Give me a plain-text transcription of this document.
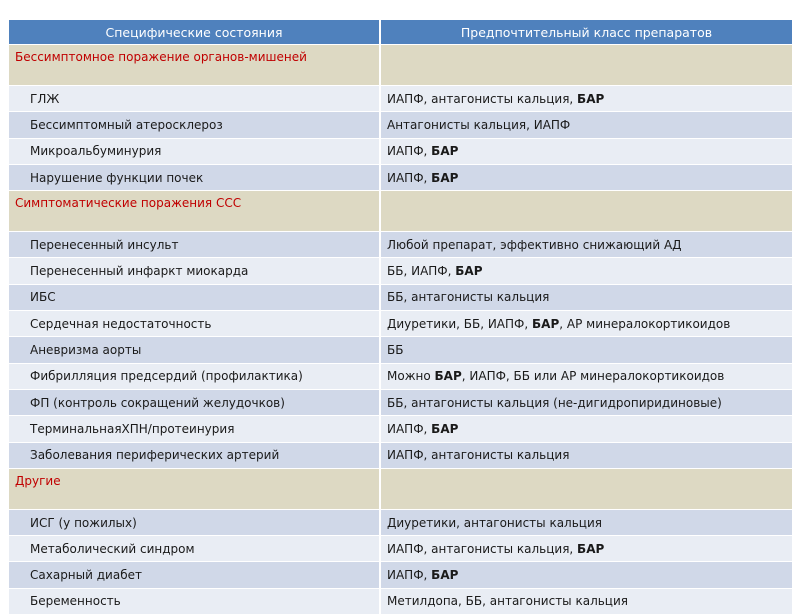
Специфические состояния	Предпочтительный класс препаратов
Бессимптомное поражение органов-мишеней	
ГЛЖ	ИАПФ, антагонисты кальция, БАР
Бессимптомный атеросклероз	Антагонисты кальция, ИАПФ
Микроальбуминурия	ИАПФ, БАР
Нарушение функции почек	ИАПФ, БАР
Симптоматические поражения ССС	
Перенесенный инсульт	Любой препарат, эффективно снижающий АД
Перенесенный инфаркт миокарда	ББ, ИАПФ, БАР
ИБС	ББ, антагонисты кальция
Сердечная недостаточность	Диуретики, ББ, ИАПФ, БАР, АР минералокортикоидов
Аневризма аорты	ББ
Фибрилляция предсердий (профилактика)	Можно БАР, ИАПФ, ББ или АР минералокортикоидов
ФП (контроль сокращений желудочков)	ББ, антагонисты кальция (не-дигидропиридиновые)
ТерминальнаяХПН/протеинурия	ИАПФ, БАР
Заболевания периферических артерий	ИАПФ, антагонисты кальция
Другие	
ИСГ (у пожилых)	Диуретики, антагонисты кальция
Метаболический синдром	ИАПФ, антагонисты кальция, БАР
Сахарный диабет	ИАПФ, БАР
Беременность	Метилдопа, ББ, антагонисты кальция
